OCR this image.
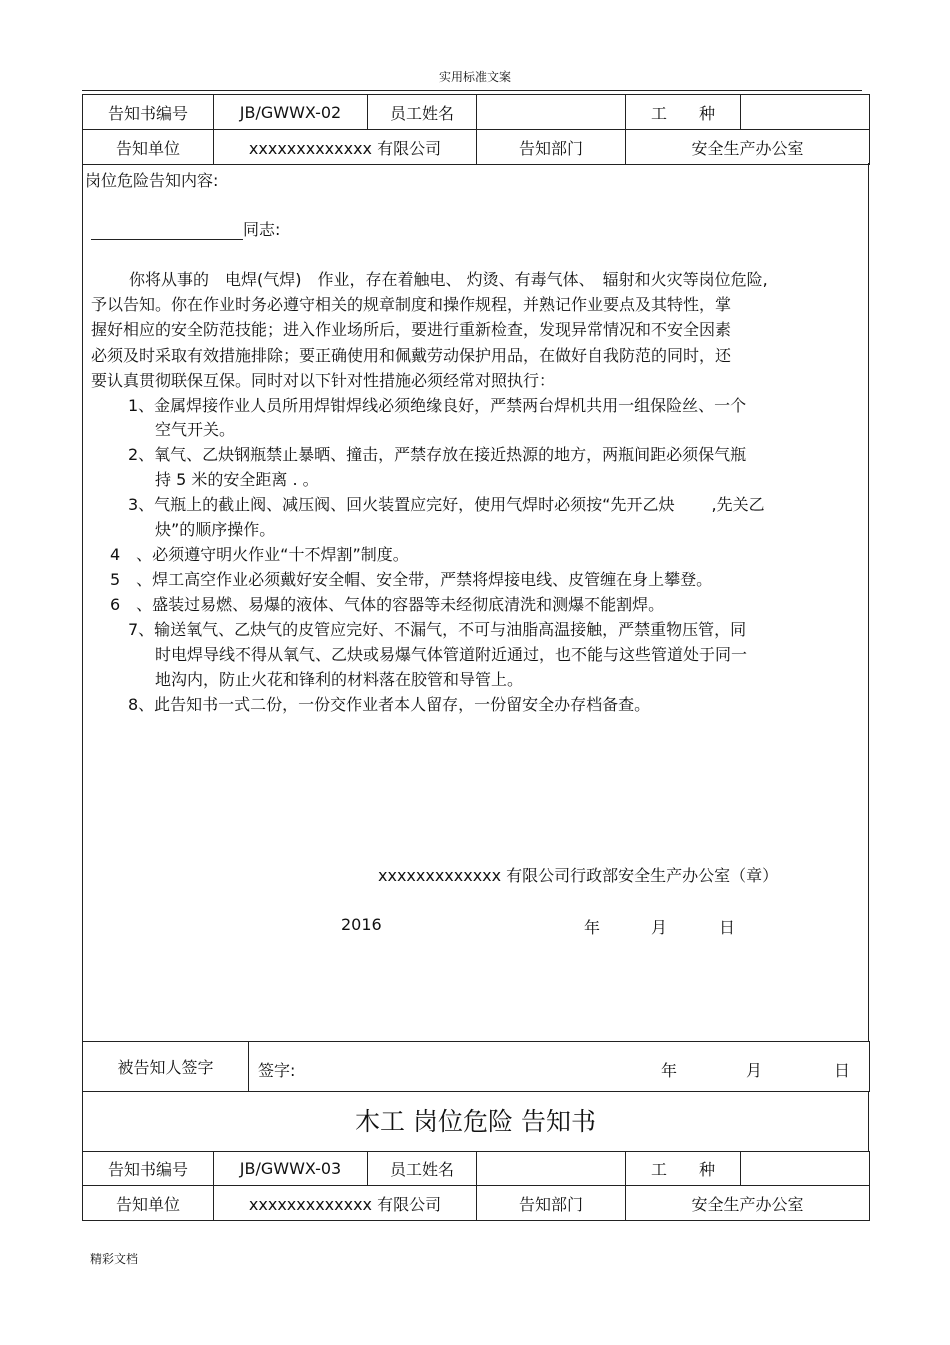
实用标准文案
告知书编号	JB/GWWX-02	员工姓名		工　　种	
告知单位	xxxxxxxxxxxxx 有限公司		告知部门	安全生产办公室	
岗位危险告知内容:
同志:
你将从事的　电焊(气焊)　作业，存在着触电、 灼烫、有毒气体、　辐射和火灾等岗位危险,
予以告知。你在作业时务必遵守相关的规章制度和操作规程，并熟记作业要点及其特性，掌
握好相应的安全防范技能；进入作业场所后，要进行重新检查，发现异常情况和不安全因素
必须及时采取有效措施排除；要正确使用和佩戴劳动保护用品，在做好自我防范的同时，还
要认真贯彻联保互保。同时对以下针对性措施必须经常对照执行：
1、金属焊接作业人员所用焊钳焊线必须绝缘良好，严禁两台焊机共用一组保险丝、一个
空气开关。
2、氧气、乙炔钢瓶禁止暴晒、撞击，严禁存放在接近热源的地方，两瓶间距必须保气瓶
持 5 米的安全距离 . 。
3、气瓶上的截止阀、减压阀、回火装置应完好，使用气焊时必须按“先开乙炔　　 ,先关乙
炔”的顺序操作。
4　、必须遵守明火作业“十不焊割”制度。
5　、焊工高空作业必须戴好安全帽、安全带，严禁将焊接电线、皮管缠在身上攀登。
6　、盛装过易燃、易爆的液体、气体的容器等未经彻底清洗和测爆不能割焊。
7、输送氧气、乙炔气的皮管应完好、不漏气，不可与油脂高温接触，严禁重物压管，同
时电焊导线不得从氧气、乙炔或易爆气体管道附近通过，也不能与这些管道处于同一
地沟内，防止火花和锋利的材料落在胶管和导管上。
8、此告知书一式二份，一份交作业者本人留存，一份留安全办存档备查。
xxxxxxxxxxxxx 有限公司行政部安全生产办公室（章）
2016	年	月	日
被告知人签字	签字:	年	月	日
木工 岗位危险 告知书
告知书编号	JB/GWWX-03	员工姓名		工　　种	
告知单位	xxxxxxxxxxxxx 有限公司		告知部门	安全生产办公室	
精彩文档
